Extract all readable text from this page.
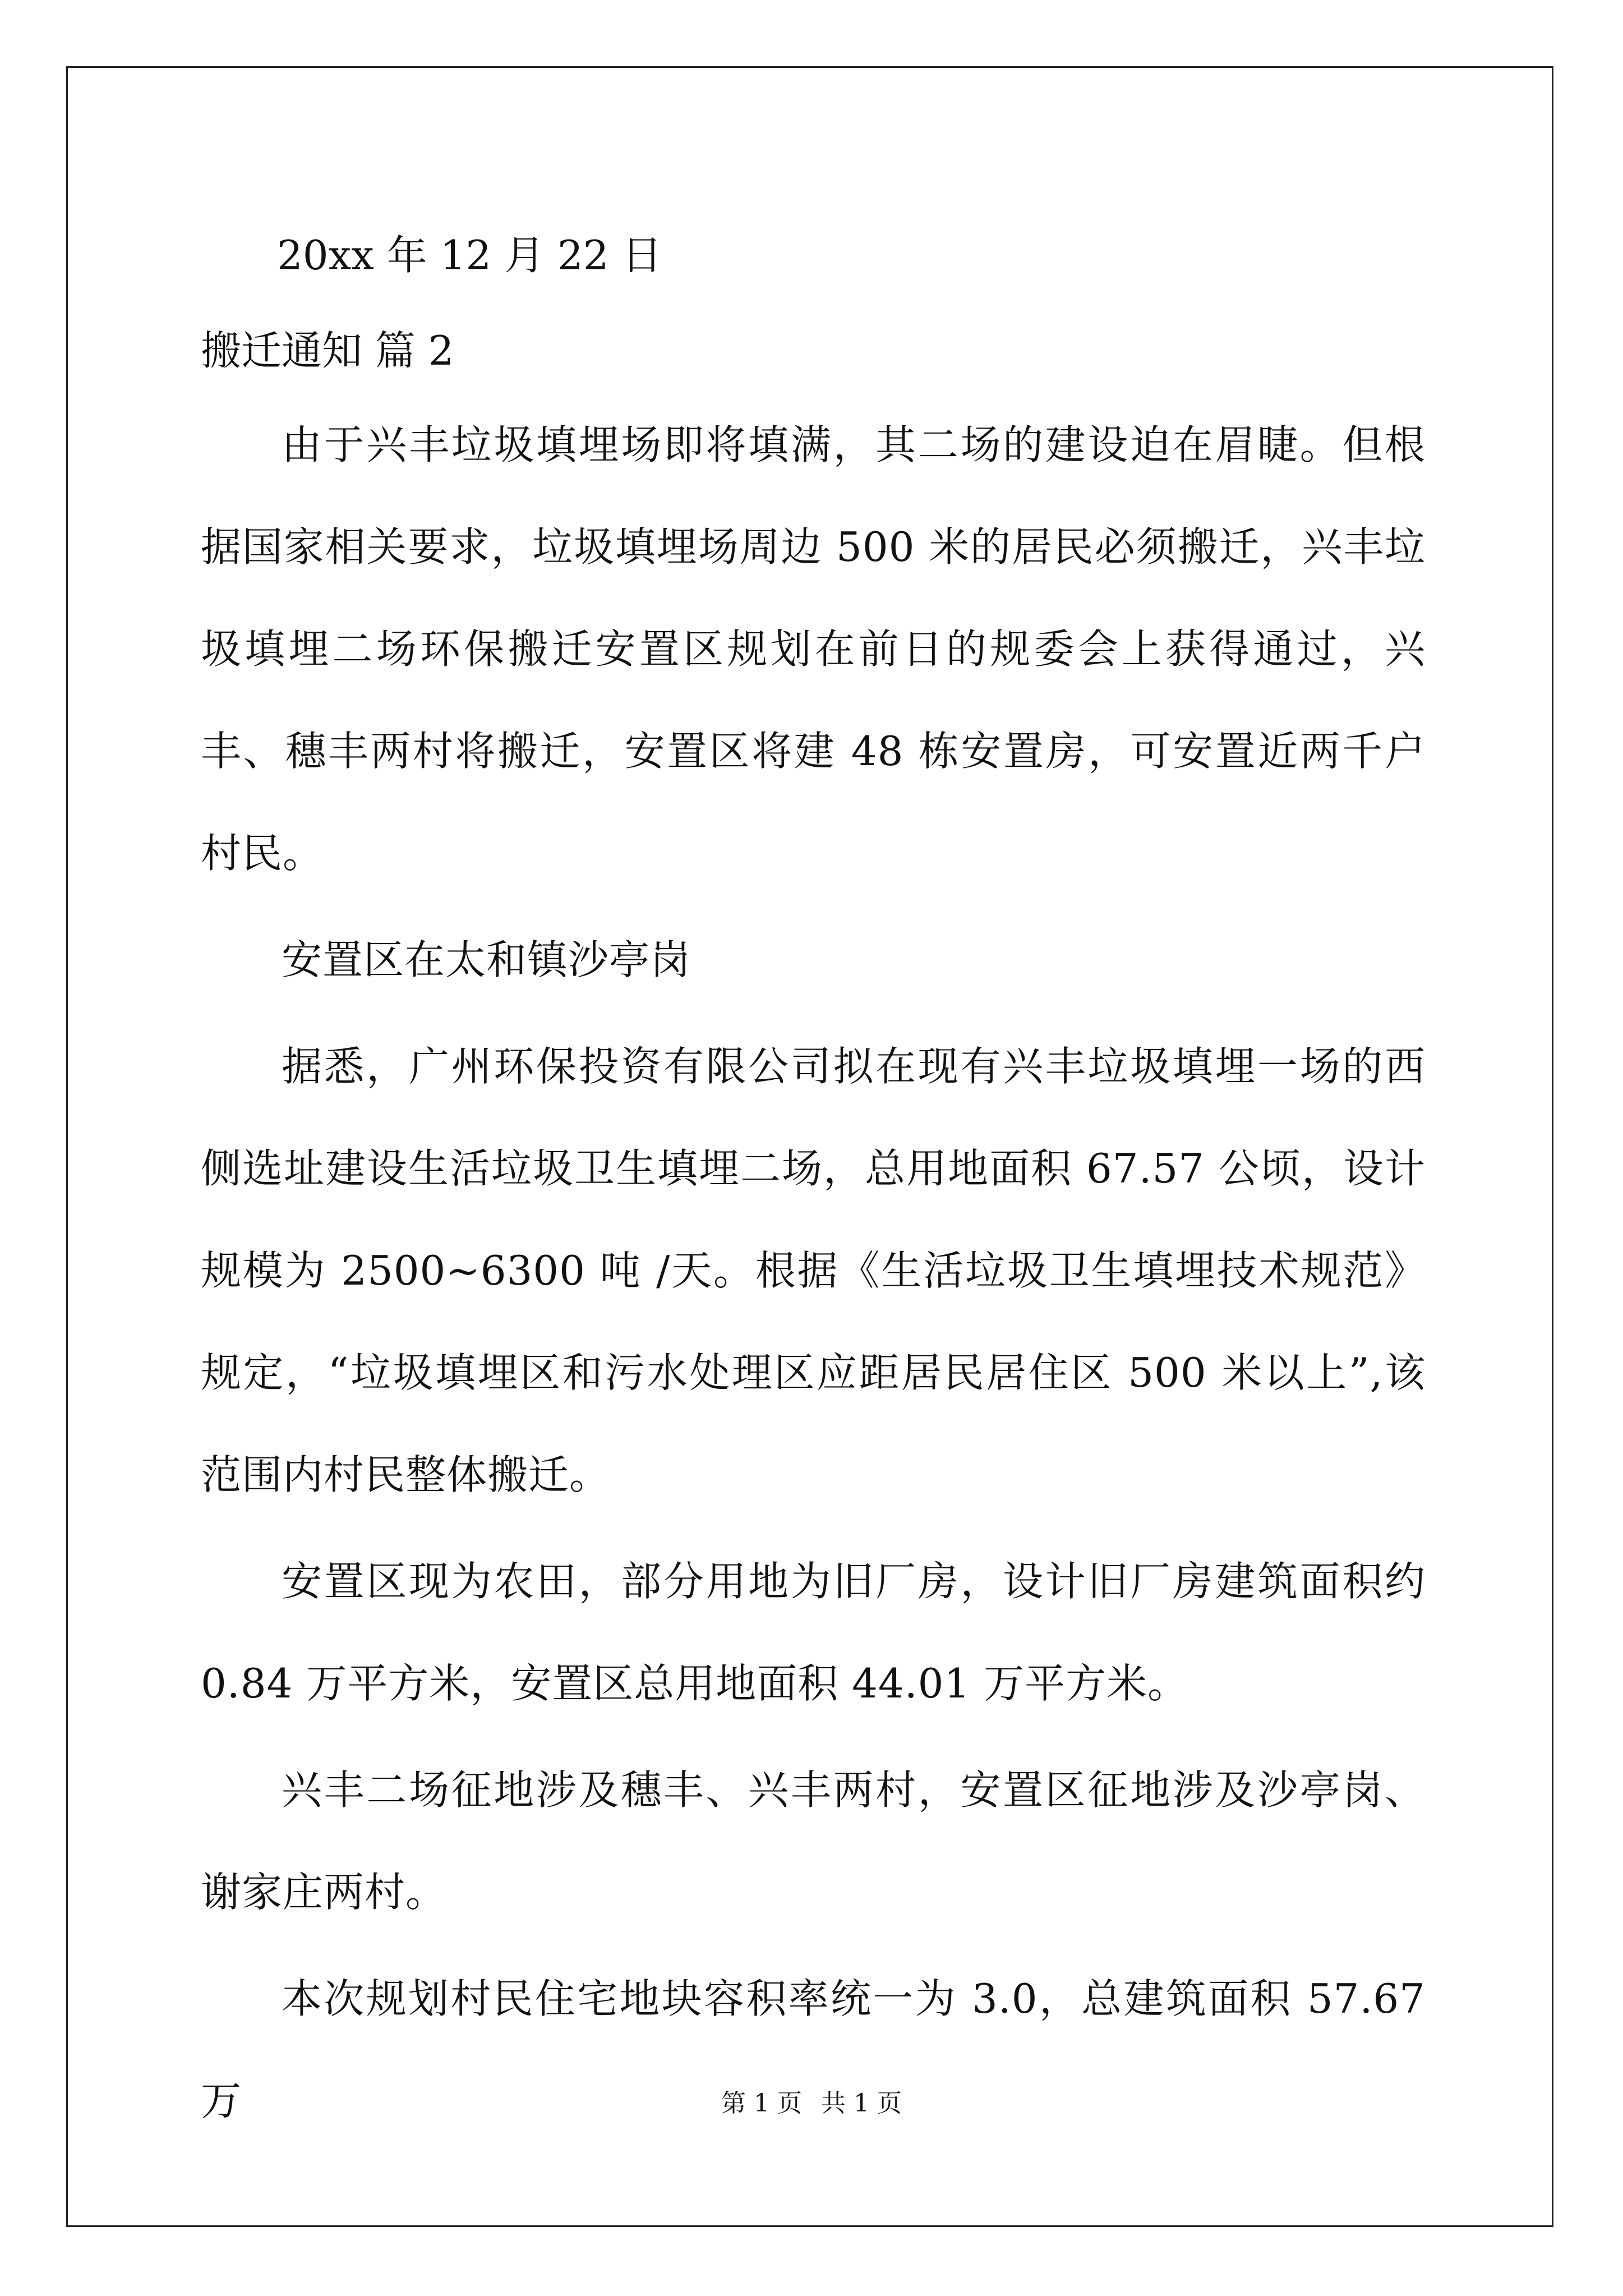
20xx 年 12 月 22 日

搬迁通知 篇 2

由于兴丰垃圾填埋场即将填满，其二场的建设迫在眉睫。但根据国家相关要求，垃圾填埋场周边 500 米的居民必须搬迁，兴丰垃圾填埋二场环保搬迁安置区规划在前日的规委会上获得通过，兴丰、穗丰两村将搬迁，安置区将建 48 栋安置房，可安置近两千户村民。

安置区在太和镇沙亭岗

据悉，广州环保投资有限公司拟在现有兴丰垃圾填埋一场的西侧选址建设生活垃圾卫生填埋二场，总用地面积 67.57 公顷，设计规模为 2500~6300 吨 /天。根据《生活垃圾卫生填埋技术规范》规定，“垃圾填埋区和污水处理区应距居民居住区 500 米以上”,该范围内村民整体搬迁。

安置区现为农田，部分用地为旧厂房，设计旧厂房建筑面积约 0.84 万平方米，安置区总用地面积 44.01 万平方米。

兴丰二场征地涉及穗丰、兴丰两村，安置区征地涉及沙亭岗、谢家庄两村。

本次规划村民住宅地块容积率统一为 3.0，总建筑面积 57.67 万	第 1 页 共 1 页
